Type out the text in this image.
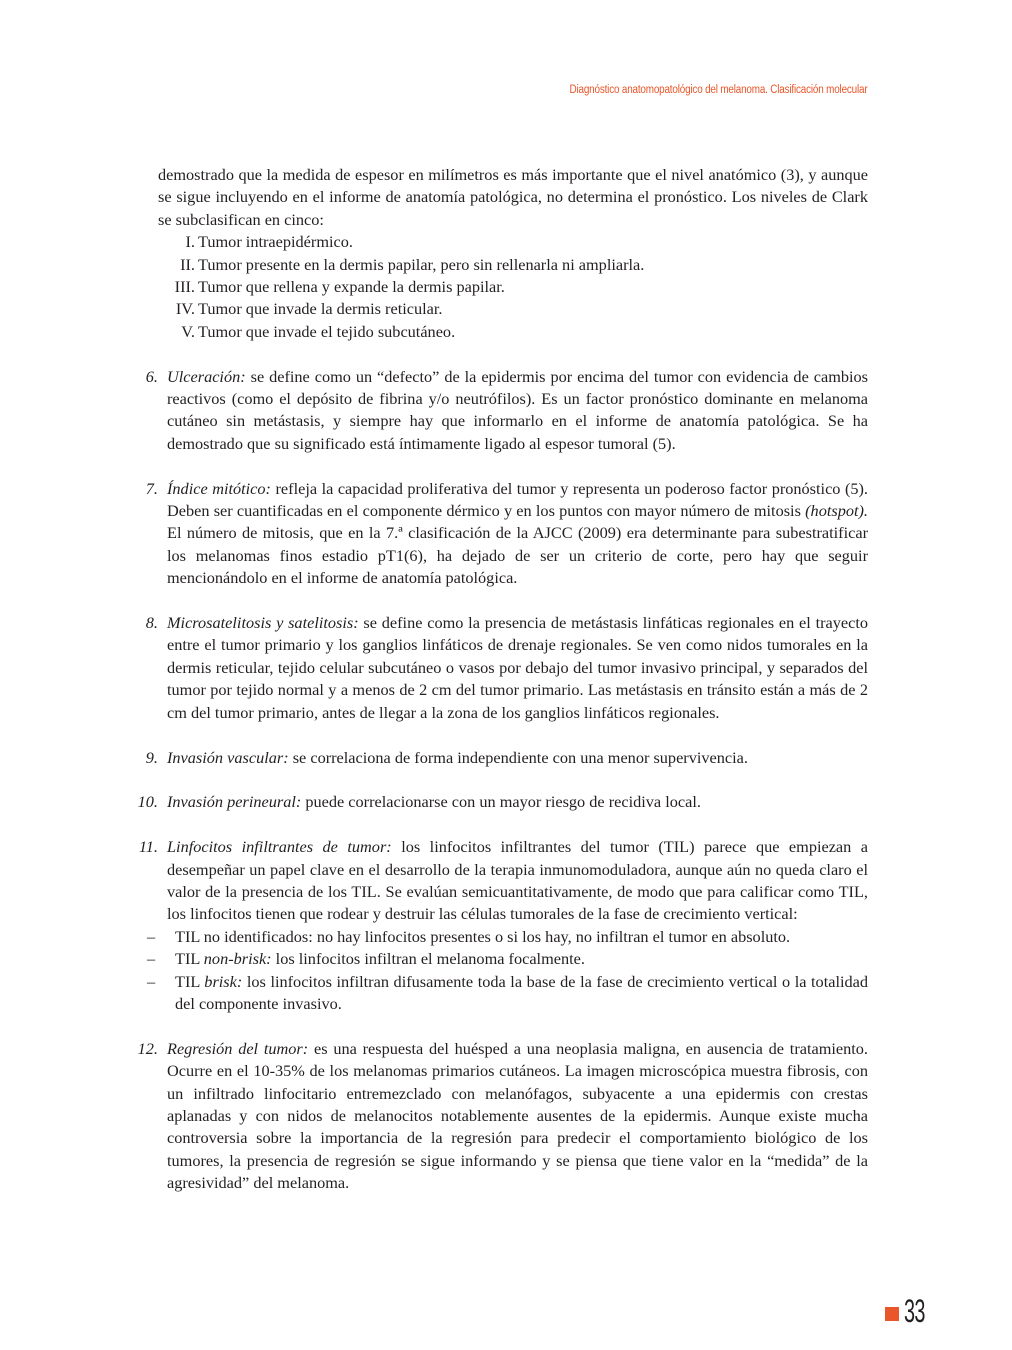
Diagnóstico anatomopatológico del melanoma. Clasificación molecular

demostrado que la medida de espesor en milímetros es más importante que el nivel anatómico (3), y aunque se sigue incluyendo en el informe de anatomía patológica, no determina el pronóstico. Los niveles de Clark se subclasifican en cinco:

I. Tumor intraepidérmico.
II. Tumor presente en la dermis papilar, pero sin rellenarla ni ampliarla.
III. Tumor que rellena y expande la dermis papilar.
IV. Tumor que invade la dermis reticular.
V. Tumor que invade el tejido subcutáneo.
6. Ulceración: se define como un “defecto” de la epidermis por encima del tumor con evidencia de cambios reactivos (como el depósito de fibrina y/o neutrófilos). Es un factor pronóstico dominante en melanoma cutáneo sin metástasis, y siempre hay que informarlo en el informe de anatomía patológica. Se ha demostrado que su significado está íntimamente ligado al espesor tumoral (5).
7. Índice mitótico: refleja la capacidad proliferativa del tumor y representa un poderoso factor pronóstico (5). Deben ser cuantificadas en el componente dérmico y en los puntos con mayor número de mitosis (hotspot). El número de mitosis, que en la 7.ª clasificación de la AJCC (2009) era determinante para subestratificar los melanomas finos estadio pT1(6), ha dejado de ser un criterio de corte, pero hay que seguir mencionándolo en el informe de anatomía patológica.
8. Microsatelitosis y satelitosis: se define como la presencia de metástasis linfáticas regionales en el trayecto entre el tumor primario y los ganglios linfáticos de drenaje regionales. Se ven como nidos tumorales en la dermis reticular, tejido celular subcutáneo o vasos por debajo del tumor invasivo principal, y separados del tumor por tejido normal y a menos de 2 cm del tumor primario. Las metástasis en tránsito están a más de 2 cm del tumor primario, antes de llegar a la zona de los ganglios linfáticos regionales.
9. Invasión vascular: se correlaciona de forma independiente con una menor supervivencia.
10. Invasión perineural: puede correlacionarse con un mayor riesgo de recidiva local.
11. Linfocitos infiltrantes de tumor: los linfocitos infiltrantes del tumor (TIL) parece que empiezan a desempeñar un papel clave en el desarrollo de la terapia inmunomoduladora, aunque aún no queda claro el valor de la presencia de los TIL. Se evalúan semicuantitativamente, de modo que para calificar como TIL, los linfocitos tienen que rodear y destruir las células tumorales de la fase de crecimiento vertical:
– TIL no identificados: no hay linfocitos presentes o si los hay, no infiltran el tumor en absoluto.
– TIL non-brisk: los linfocitos infiltran el melanoma focalmente.
– TIL brisk: los linfocitos infiltran difusamente toda la base de la fase de crecimiento vertical o la totalidad del componente invasivo.
12. Regresión del tumor: es una respuesta del huésped a una neoplasia maligna, en ausencia de tratamiento. Ocurre en el 10-35% de los melanomas primarios cutáneos. La imagen microscópica muestra fibrosis, con un infiltrado linfocitario entremezclado con melanófagos, subyacente a una epidermis con crestas aplanadas y con nidos de melanocitos notablemente ausentes de la epidermis. Aunque existe mucha controversia sobre la importancia de la regresión para predecir el comportamiento biológico de los tumores, la presencia de regresión se sigue informando y se piensa que tiene valor en la “medida” de la agresividad” del melanoma.
33
